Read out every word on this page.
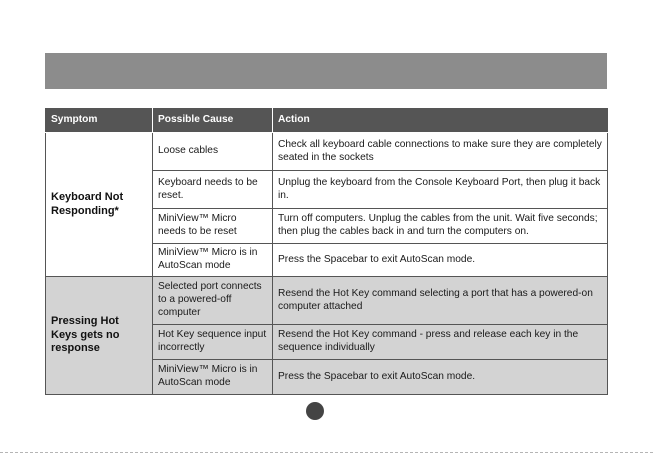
Symptom	Possible Cause	Action
Keyboard Not Responding*	Loose cables	Check all keyboard cable connections to make sure they are completely seated in the sockets
	Keyboard needs to be reset.	Unplug the keyboard from the Console Keyboard Port, then plug it back in.
	MiniView™ Micro needs to be reset	Turn off computers. Unplug the cables from the unit. Wait five seconds; then plug the cables back in and turn the computers on.
	MiniView™ Micro is in AutoScan mode	Press the Spacebar to exit AutoScan mode.
Pressing Hot Keys gets no response	Selected port connects to a powered-off computer	Resend the Hot Key command selecting a port that has a powered-on computer attached
	Hot Key sequence input incorrectly	Resend the Hot Key command - press and release each key in the sequence individually
	MiniView™ Micro is in AutoScan mode	Press the Spacebar to exit AutoScan mode.
